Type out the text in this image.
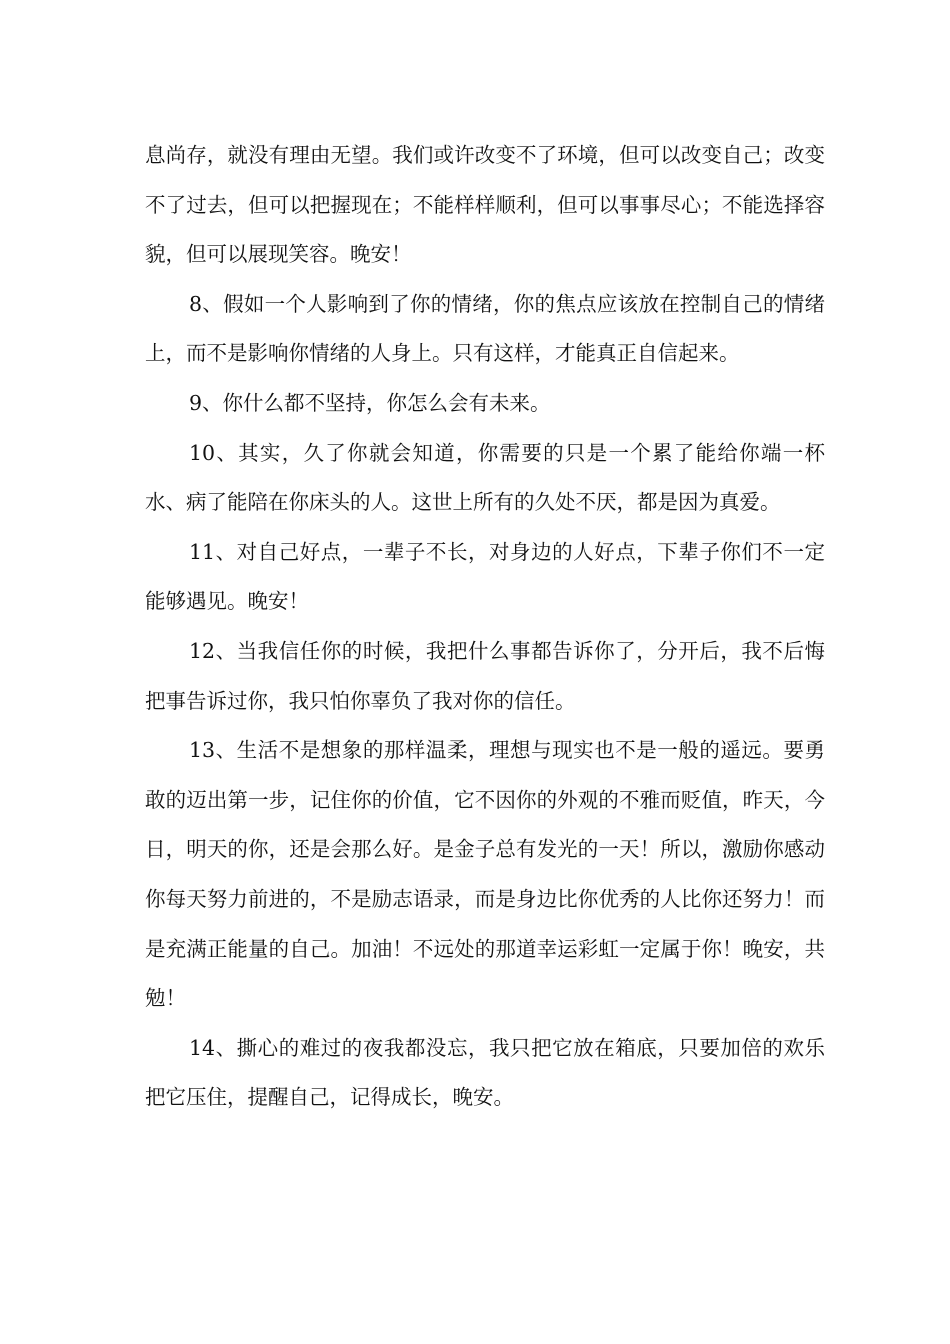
息尚存，就没有理由无望。我们或许改变不了环境，但可以改变自己；改变不了过去，但可以把握现在；不能样样顺利，但可以事事尽心；不能选择容貌，但可以展现笑容。晚安！

8、假如一个人影响到了你的情绪，你的焦点应该放在控制自己的情绪上，而不是影响你情绪的人身上。只有这样，才能真正自信起来。

9、你什么都不坚持，你怎么会有未来。

10、其实，久了你就会知道，你需要的只是一个累了能给你端一杯水、病了能陪在你床头的人。这世上所有的久处不厌，都是因为真爱。

11、对自己好点，一辈子不长，对身边的人好点，下辈子你们不一定能够遇见。晚安！

12、当我信任你的时候，我把什么事都告诉你了，分开后，我不后悔把事告诉过你，我只怕你辜负了我对你的信任。

13、生活不是想象的那样温柔，理想与现实也不是一般的遥远。要勇敢的迈出第一步，记住你的价值，它不因你的外观的不雅而贬值，昨天，今日，明天的你，还是会那么好。是金子总有发光的一天！所以，激励你感动你每天努力前进的，不是励志语录，而是身边比你优秀的人比你还努力！而是充满正能量的自己。加油！不远处的那道幸运彩虹一定属于你！晚安，共勉！

14、撕心的难过的夜我都没忘，我只把它放在箱底，只要加倍的欢乐把它压住，提醒自己，记得成长，晚安。
